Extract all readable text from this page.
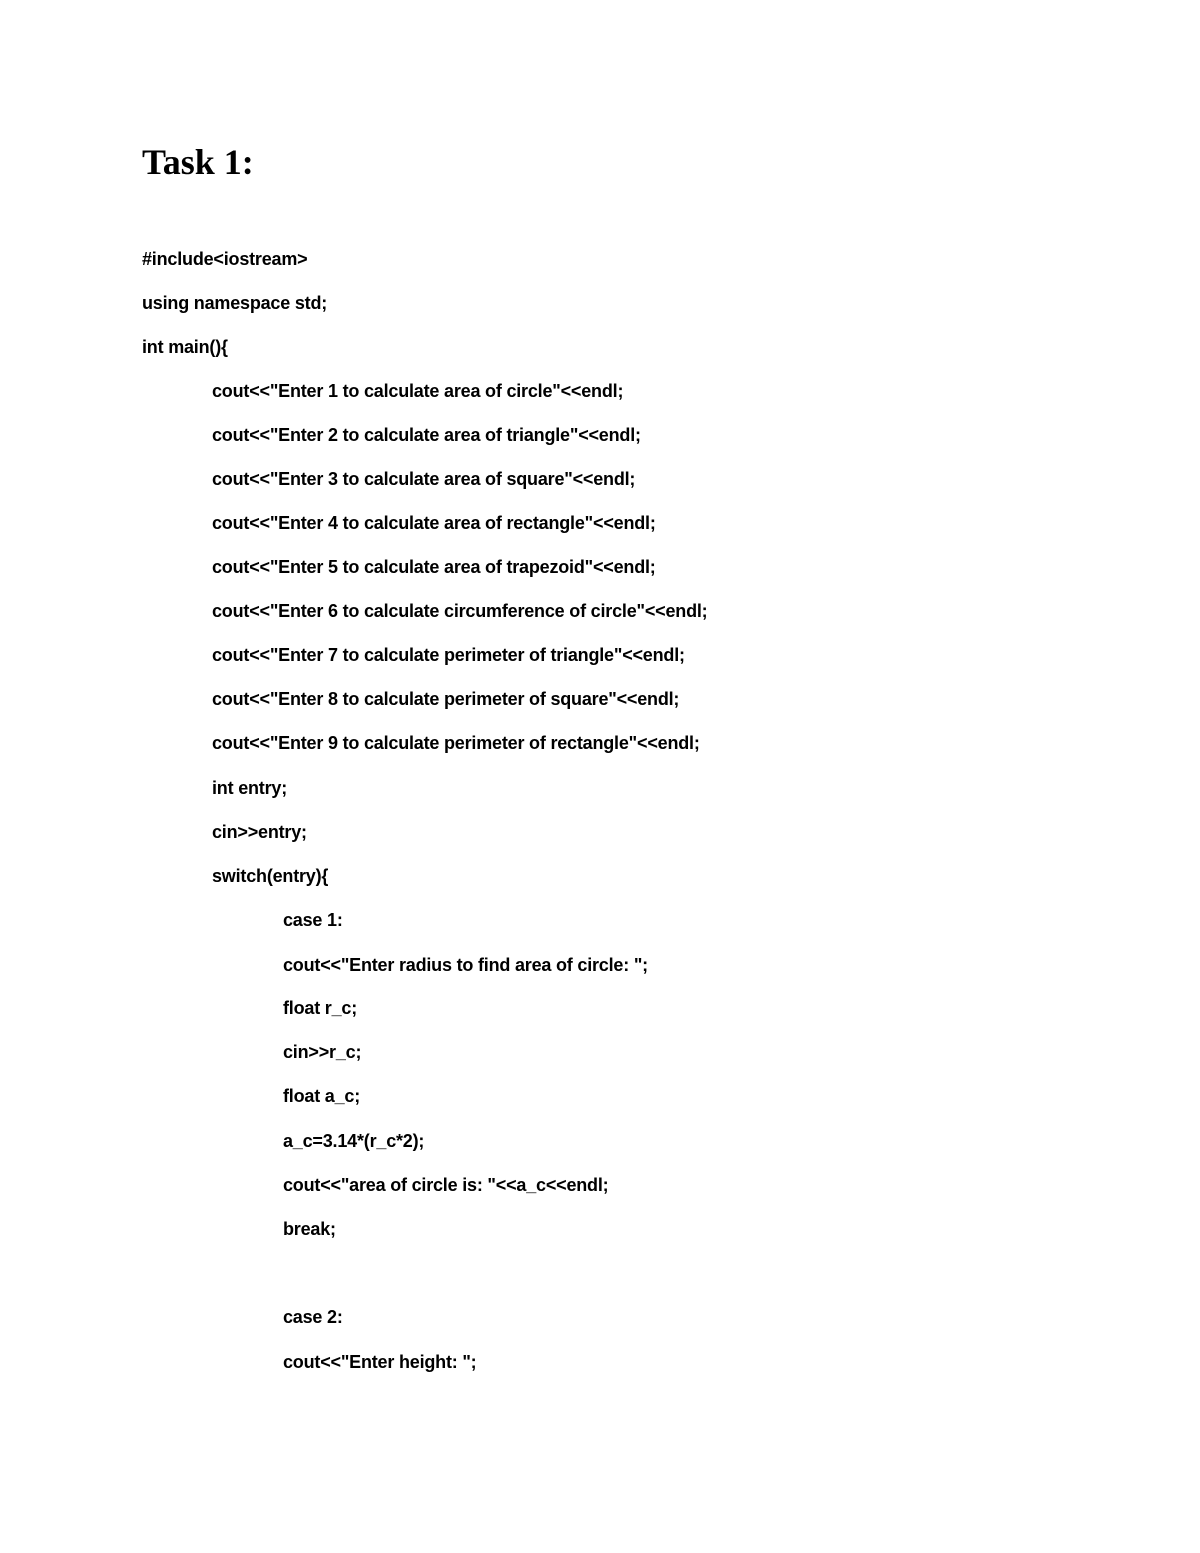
Task 1:
#include<iostream>
using namespace std;
int main(){
cout<<"Enter 1 to calculate area of circle"<<endl;
cout<<"Enter 2 to calculate area of triangle"<<endl;
cout<<"Enter 3 to calculate area of square"<<endl;
cout<<"Enter 4 to calculate area of rectangle"<<endl;
cout<<"Enter 5 to calculate area of trapezoid"<<endl;
cout<<"Enter 6 to calculate circumference of circle"<<endl;
cout<<"Enter 7 to calculate perimeter of triangle"<<endl;
cout<<"Enter 8 to calculate perimeter of square"<<endl;
cout<<"Enter 9 to calculate perimeter of rectangle"<<endl;
int entry;
cin>>entry;
switch(entry){
case 1:
cout<<"Enter radius to find area of circle: ";
float r_c;
cin>>r_c;
float a_c;
a_c=3.14*(r_c*2);
cout<<"area of circle is: "<<a_c<<endl;
break;
case 2:
cout<<"Enter height: ";
